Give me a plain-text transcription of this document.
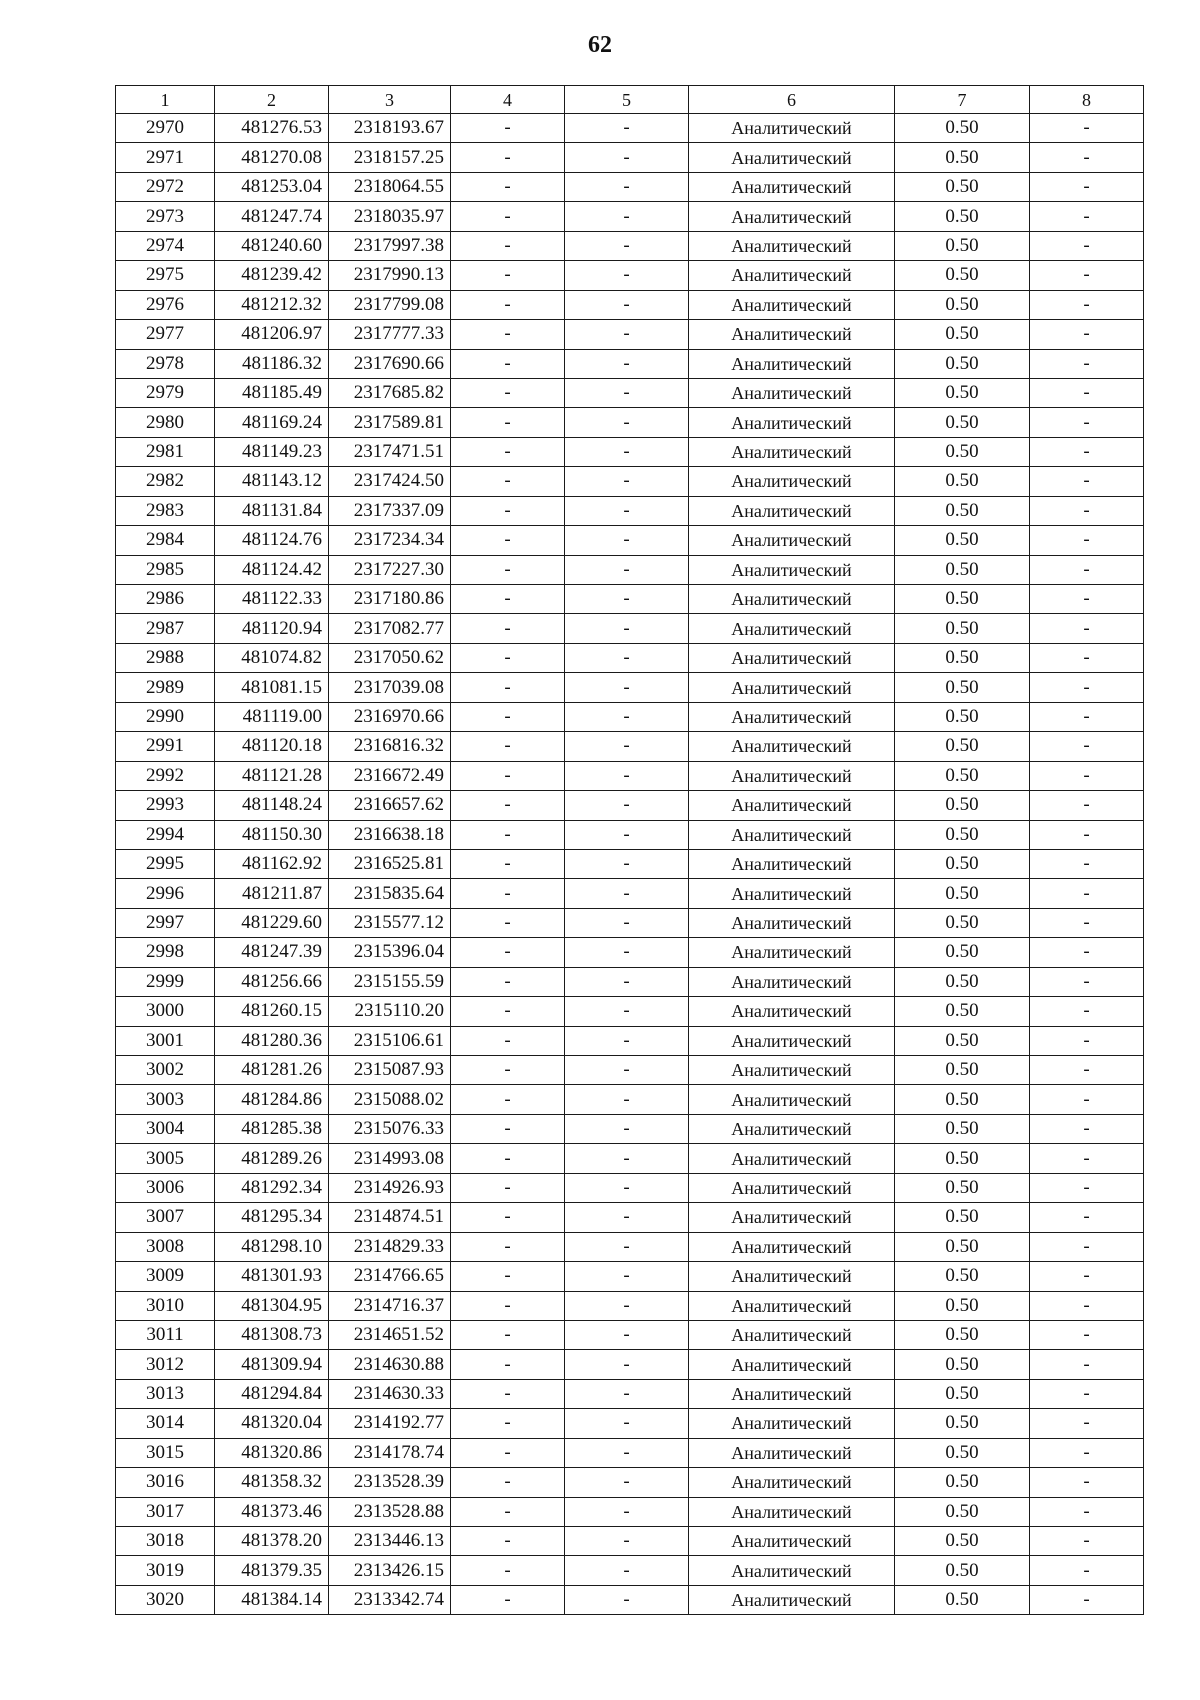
62
1	2	3	4	5	6	7	8
2970	481276.53	2318193.67	-	-	Аналитический	0.50	-
2971	481270.08	2318157.25	-	-	Аналитический	0.50	-
2972	481253.04	2318064.55	-	-	Аналитический	0.50	-
2973	481247.74	2318035.97	-	-	Аналитический	0.50	-
2974	481240.60	2317997.38	-	-	Аналитический	0.50	-
2975	481239.42	2317990.13	-	-	Аналитический	0.50	-
2976	481212.32	2317799.08	-	-	Аналитический	0.50	-
2977	481206.97	2317777.33	-	-	Аналитический	0.50	-
2978	481186.32	2317690.66	-	-	Аналитический	0.50	-
2979	481185.49	2317685.82	-	-	Аналитический	0.50	-
2980	481169.24	2317589.81	-	-	Аналитический	0.50	-
2981	481149.23	2317471.51	-	-	Аналитический	0.50	-
2982	481143.12	2317424.50	-	-	Аналитический	0.50	-
2983	481131.84	2317337.09	-	-	Аналитический	0.50	-
2984	481124.76	2317234.34	-	-	Аналитический	0.50	-
2985	481124.42	2317227.30	-	-	Аналитический	0.50	-
2986	481122.33	2317180.86	-	-	Аналитический	0.50	-
2987	481120.94	2317082.77	-	-	Аналитический	0.50	-
2988	481074.82	2317050.62	-	-	Аналитический	0.50	-
2989	481081.15	2317039.08	-	-	Аналитический	0.50	-
2990	481119.00	2316970.66	-	-	Аналитический	0.50	-
2991	481120.18	2316816.32	-	-	Аналитический	0.50	-
2992	481121.28	2316672.49	-	-	Аналитический	0.50	-
2993	481148.24	2316657.62	-	-	Аналитический	0.50	-
2994	481150.30	2316638.18	-	-	Аналитический	0.50	-
2995	481162.92	2316525.81	-	-	Аналитический	0.50	-
2996	481211.87	2315835.64	-	-	Аналитический	0.50	-
2997	481229.60	2315577.12	-	-	Аналитический	0.50	-
2998	481247.39	2315396.04	-	-	Аналитический	0.50	-
2999	481256.66	2315155.59	-	-	Аналитический	0.50	-
3000	481260.15	2315110.20	-	-	Аналитический	0.50	-
3001	481280.36	2315106.61	-	-	Аналитический	0.50	-
3002	481281.26	2315087.93	-	-	Аналитический	0.50	-
3003	481284.86	2315088.02	-	-	Аналитический	0.50	-
3004	481285.38	2315076.33	-	-	Аналитический	0.50	-
3005	481289.26	2314993.08	-	-	Аналитический	0.50	-
3006	481292.34	2314926.93	-	-	Аналитический	0.50	-
3007	481295.34	2314874.51	-	-	Аналитический	0.50	-
3008	481298.10	2314829.33	-	-	Аналитический	0.50	-
3009	481301.93	2314766.65	-	-	Аналитический	0.50	-
3010	481304.95	2314716.37	-	-	Аналитический	0.50	-
3011	481308.73	2314651.52	-	-	Аналитический	0.50	-
3012	481309.94	2314630.88	-	-	Аналитический	0.50	-
3013	481294.84	2314630.33	-	-	Аналитический	0.50	-
3014	481320.04	2314192.77	-	-	Аналитический	0.50	-
3015	481320.86	2314178.74	-	-	Аналитический	0.50	-
3016	481358.32	2313528.39	-	-	Аналитический	0.50	-
3017	481373.46	2313528.88	-	-	Аналитический	0.50	-
3018	481378.20	2313446.13	-	-	Аналитический	0.50	-
3019	481379.35	2313426.15	-	-	Аналитический	0.50	-
3020	481384.14	2313342.74	-	-	Аналитический	0.50	-
